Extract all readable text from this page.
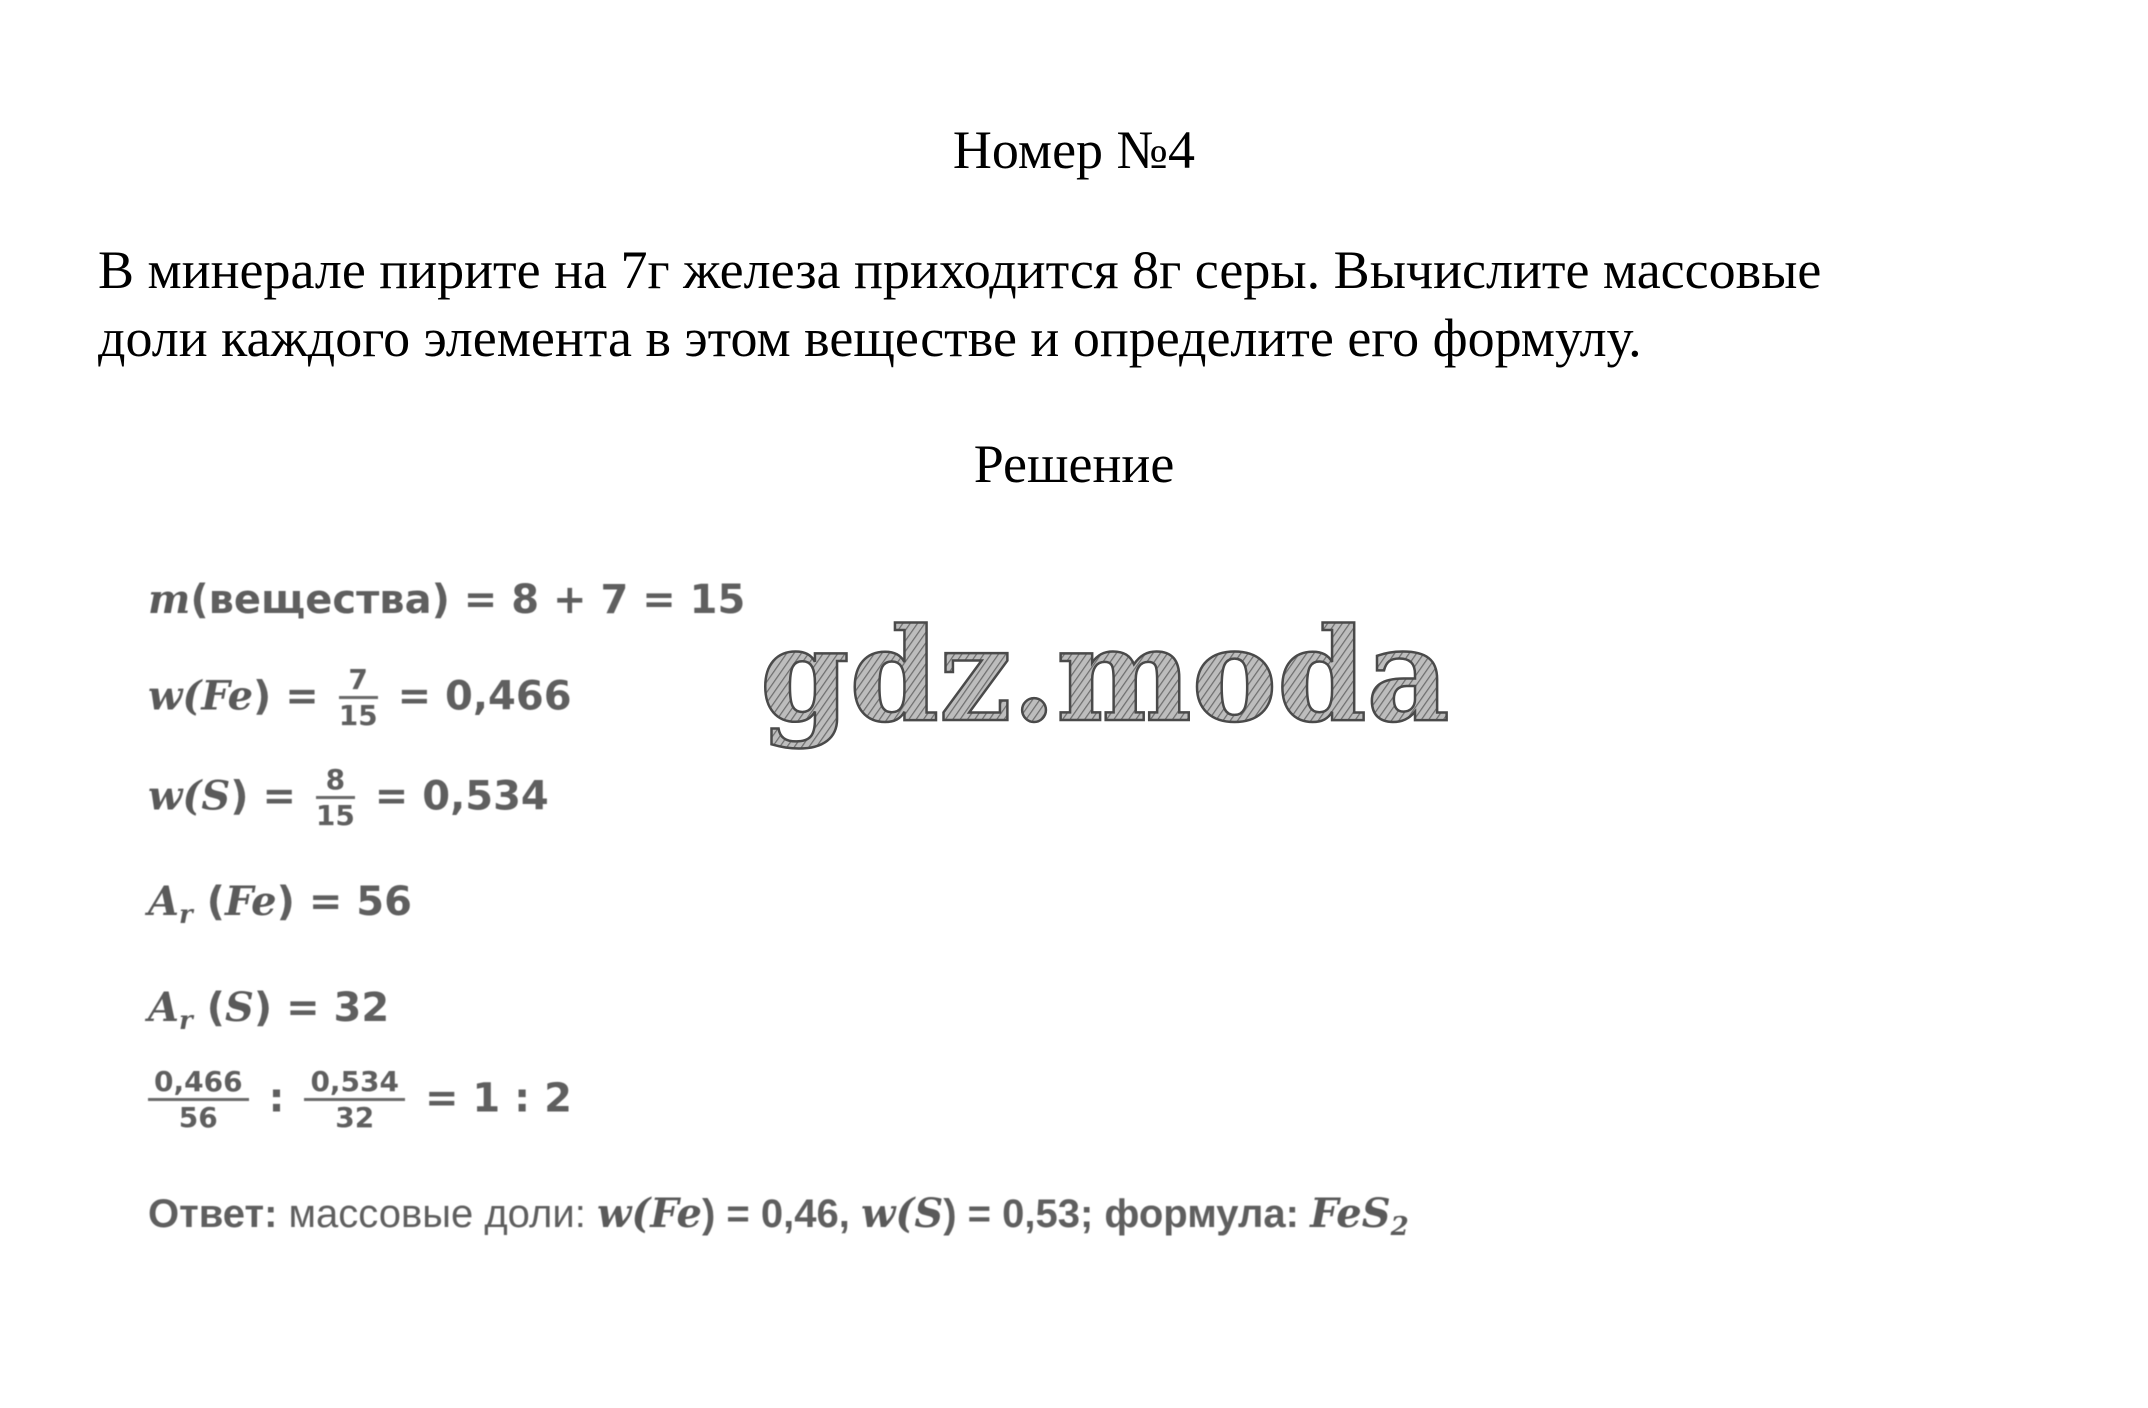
Номер №4
В минерале пирите на 7г железа приходится 8г серы. Вычислите массовые
доли каждого элемента в этом веществе и определите его формулу.
Решение
m(вещества) = 8 + 7 = 15
$w(Fe) = \frac{7}{15} = 0,466$
$w(S) = \frac{8}{15} = 0,534$
$A_r$ (Fe) = 56
$A_r$ (S) = 32
$\frac{0,466}{56}$ : $\frac{0,534}{32} = 1$ : 2
Ответ: массовые доли: w(Fe) = 0,46, w(S) = 0,53; формула: FeS$_2$
gdz.moda
